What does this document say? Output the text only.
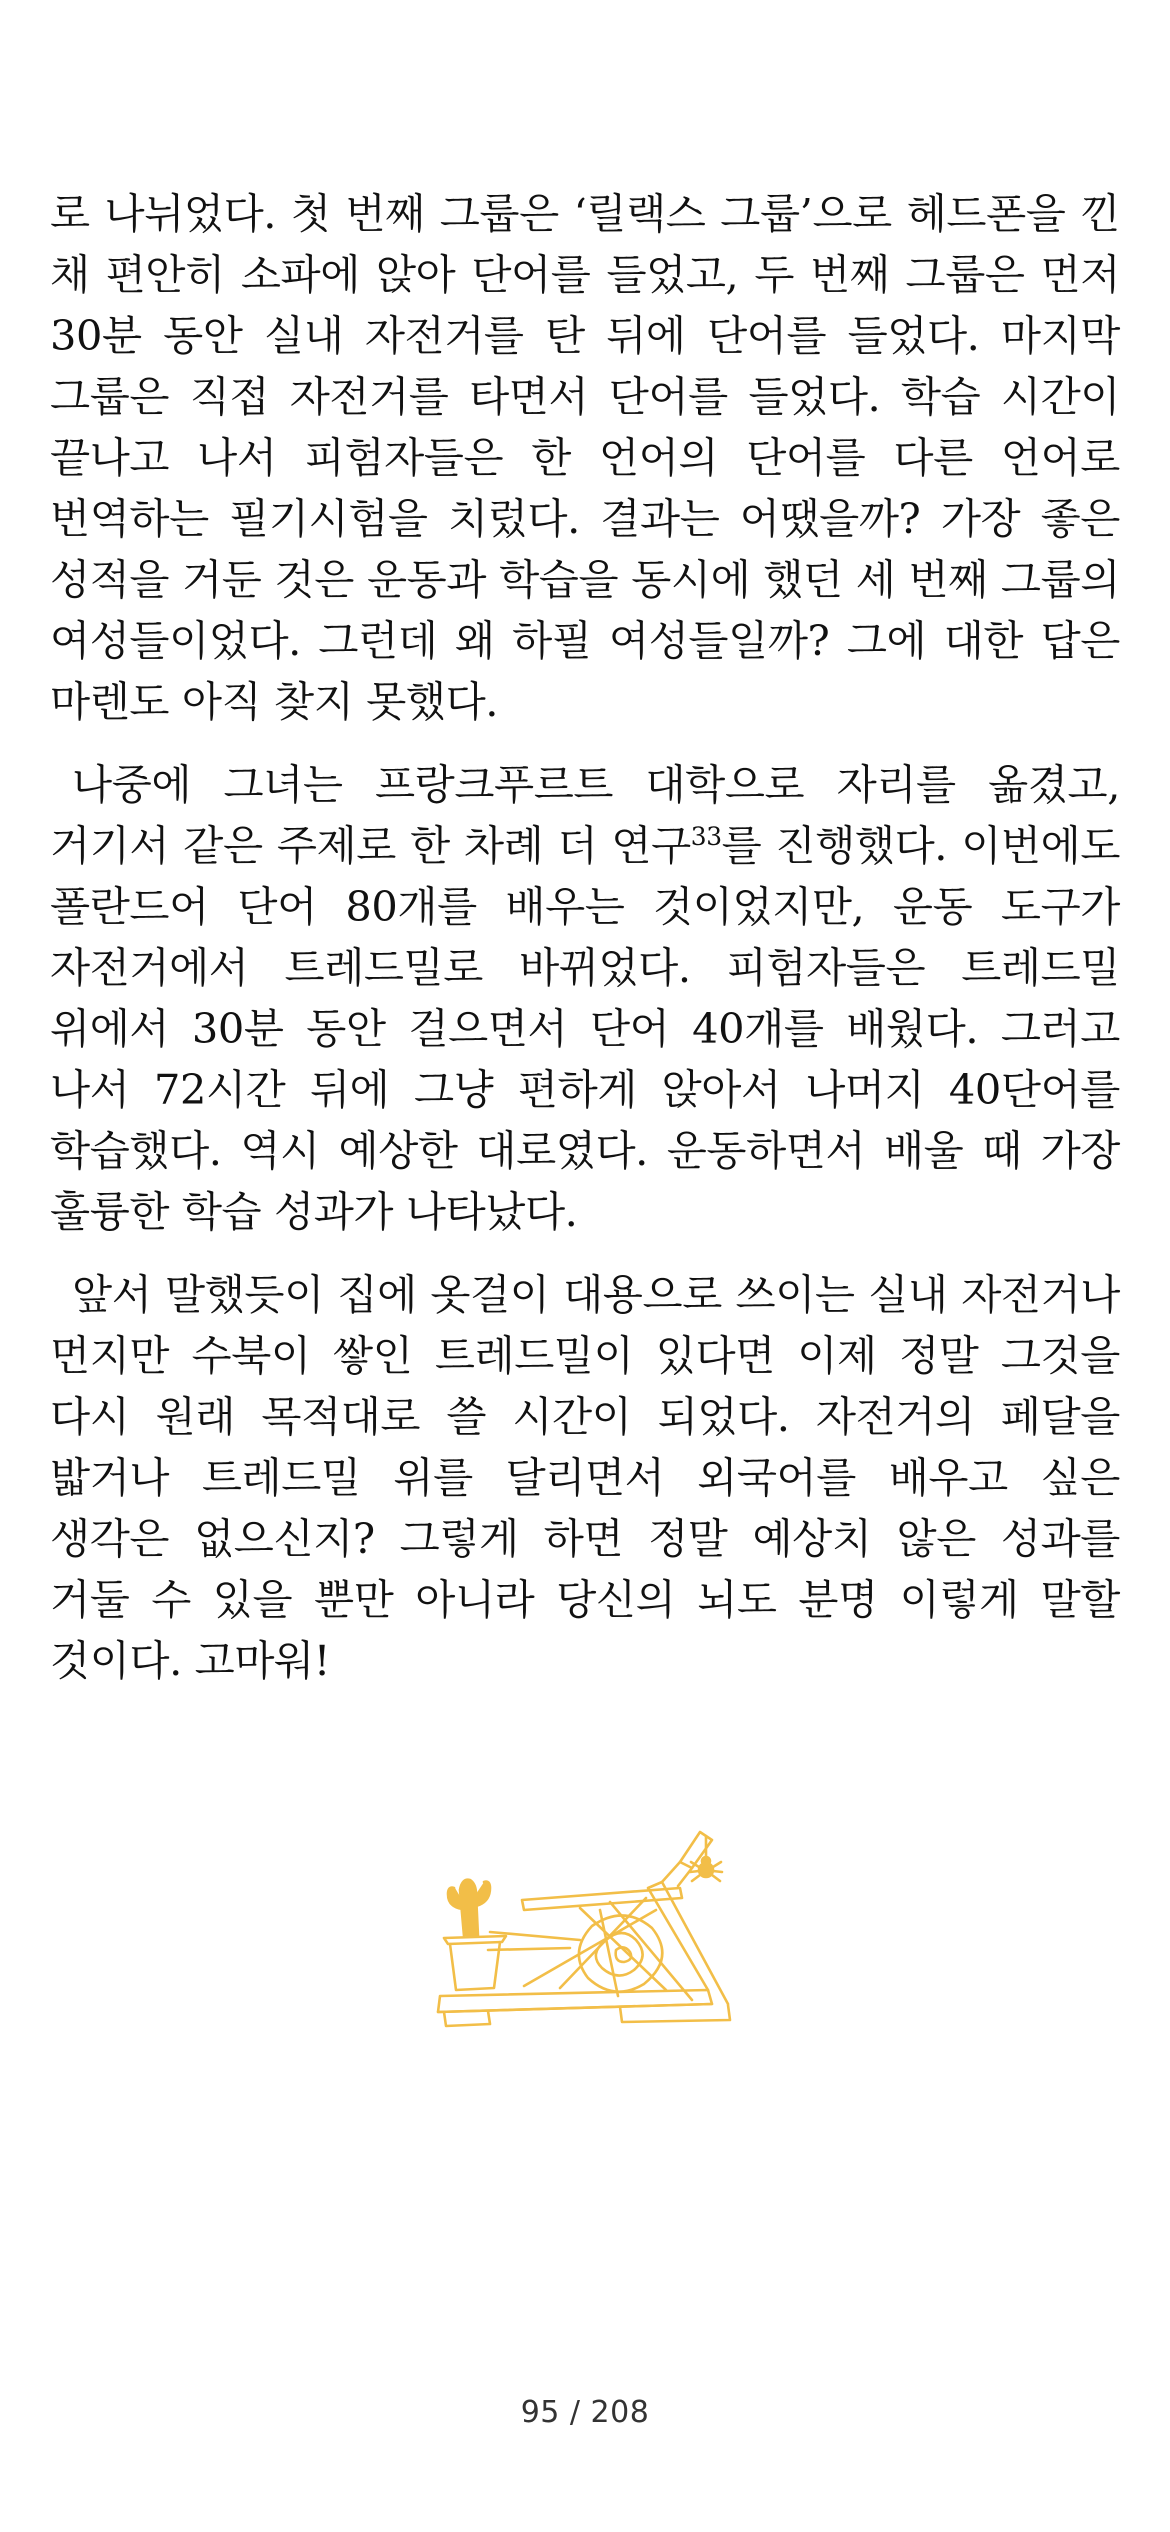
로 나뉘었다. 첫 번째 그룹은 ‘릴랙스 그룹’으로 헤드폰을 낀 채 편안히 소파에 앉아 단어를 들었고, 두 번째 그룹은 먼저 30분 동안 실내 자전거를 탄 뒤에 단어를 들었다. 마지막 그룹은 직접 자전거를 타면서 단어를 들었다. 학습 시간이 끝나고 나서 피험자들은 한 언어의 단어를 다른 언어로 번역하는 필기시험을 치렀다. 결과는 어땠을까? 가장 좋은 성적을 거둔 것은 운동과 학습을 동시에 했던 세 번째 그룹의 여성들이었다. 그런데 왜 하필 여성들일까? 그에 대한 답은 마렌도 아직 찾지 못했다.

나중에 그녀는 프랑크푸르트 대학으로 자리를 옮겼고, 거기서 같은 주제로 한 차례 더 연구$^{33}$를 진행했다. 이번에도 폴란드어 단어 80개를 배우는 것이었지만, 운동 도구가 자전거에서 트레드밀로 바뀌었다. 피험자들은 트레드밀 위에서 30분 동안 걸으면서 단어 40개를 배웠다. 그러고 나서 72시간 뒤에 그냥 편하게 앉아서 나머지 40단어를 학습했다. 역시 예상한 대로였다. 운동하면서 배울 때 가장 훌륭한 학습 성과가 나타났다.

앞서 말했듯이 집에 옷걸이 대용으로 쓰이는 실내 자전거나 먼지만 수북이 쌓인 트레드밀이 있다면 이제 정말 그것을 다시 원래 목적대로 쓸 시간이 되었다. 자전거의 페달을 밟거나 트레드밀 위를 달리면서 외국어를 배우고 싶은 생각은 없으신지? 그렇게 하면 정말 예상치 않은 성과를 거둘 수 있을 뿐만 아니라 당신의 뇌도 분명 이렇게 말할 것이다. 고마워!

95 / 208
